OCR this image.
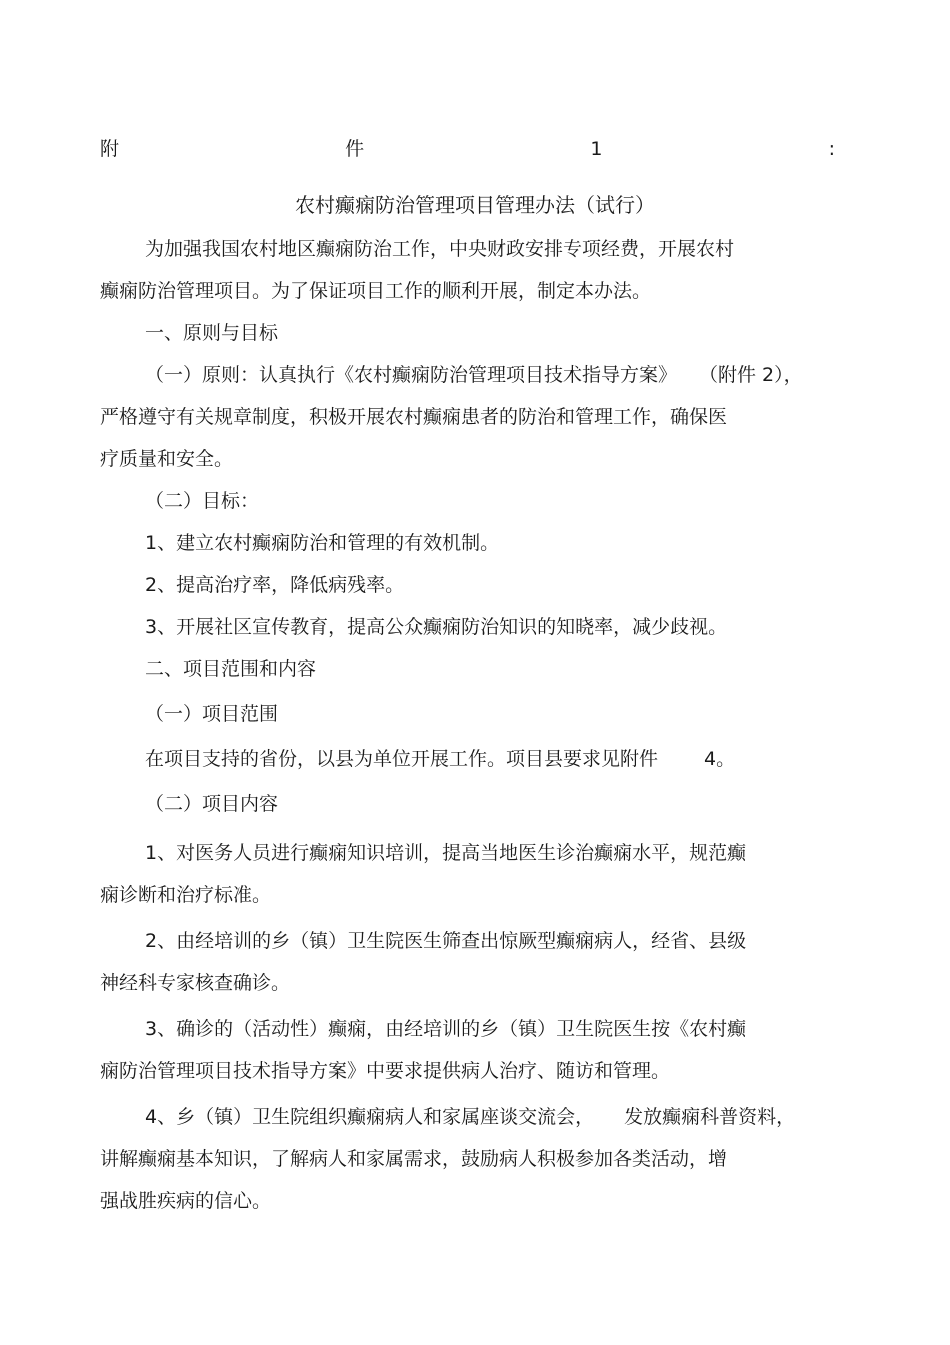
附	件	1	:
农村癫痫防治管理项目管理办法（试行）

为加强我国农村地区癫痫防治工作，中央财政安排专项经费，开展农村

癫痫防治管理项目。为了保证项目工作的顺利开展，制定本办法。

一、原则与目标

（一）原则：认真执行《农村癫痫防治管理项目技术指导方案》 （附件 2），

严格遵守有关规章制度，积极开展农村癫痫患者的防治和管理工作，确保医

疗质量和安全。

（二）目标：

1、建立农村癫痫防治和管理的有效机制。

2、提高治疗率，降低病残率。

3、开展社区宣传教育，提高公众癫痫防治知识的知晓率，减少歧视。

二、项目范围和内容

（一）项目范围

在项目支持的省份，以县为单位开展工作。项目县要求见附件 4。

（二）项目内容

1、对医务人员进行癫痫知识培训，提高当地医生诊治癫痫水平，规范癫

痫诊断和治疗标准。

2、由经培训的乡（镇）卫生院医生筛查出惊厥型癫痫病人，经省、县级

神经科专家核查确诊。

3、确诊的（活动性）癫痫，由经培训的乡（镇）卫生院医生按《农村癫

痫防治管理项目技术指导方案》中要求提供病人治疗、随访和管理。

4、乡（镇）卫生院组织癫痫病人和家属座谈交流会， 发放癫痫科普资料，

讲解癫痫基本知识，了解病人和家属需求，鼓励病人积极参加各类活动，增

强战胜疾病的信心。
